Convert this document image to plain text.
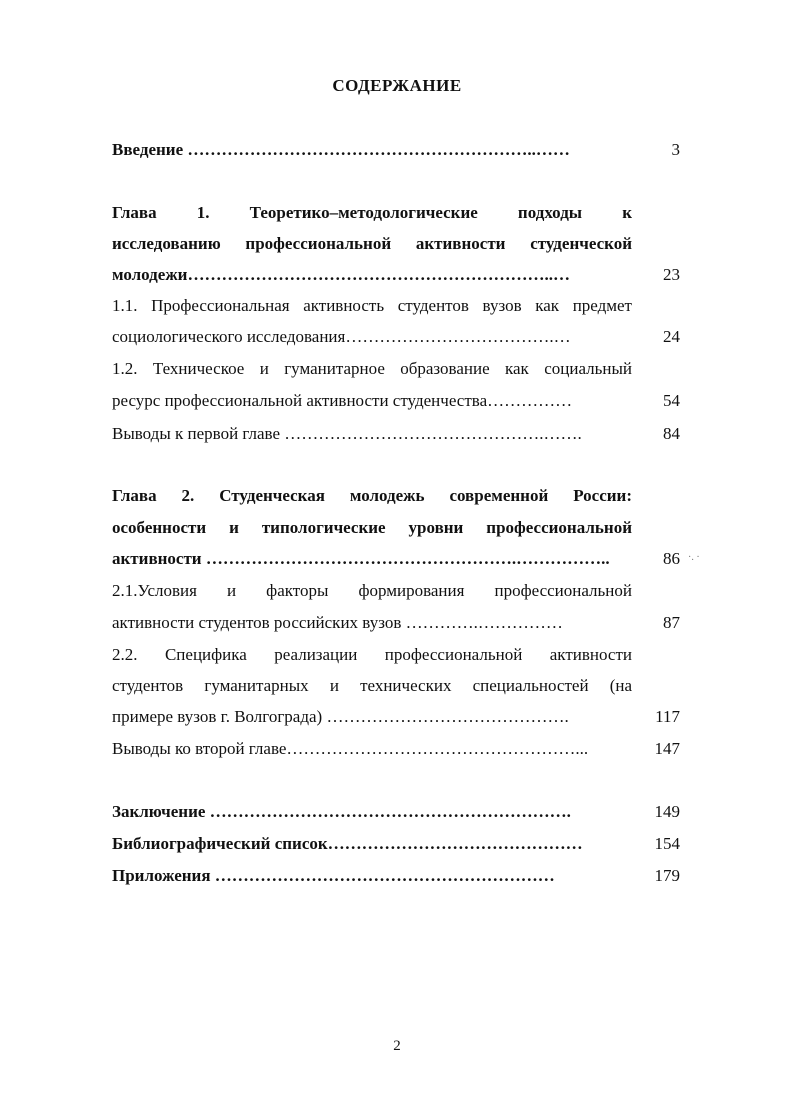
СОДЕРЖАНИЕ
Введение ……………………………………………………..……	3
Глава 1. Теоретико–методологические подходы к
исследованию профессиональной активности студенческой
молодежи………………………………………………………..…	23
1.1. Профессиональная активность студентов вузов как предмет
социологического исследования……………………………….…	24
1.2. Техническое и гуманитарное образование как социальный
ресурс профессиональной активности студенчества……………	54
Выводы к первой главе ……………………………………….…….	84
Глава 2. Студенческая молодежь современной России:
особенности и типологические уровни профессиональной
активности ……………………………………………….……………..	86 ·. ·
2.1.Условия и факторы формирования профессиональной
активности студентов российских вузов ………….……………	87
2.2. Специфика реализации профессиональной активности
студентов гуманитарных и технических специальностей (на
примере вузов г. Волгограда) …………………………………….	117
Выводы ко второй главе……………………………………………...	147
Заключение ……………………………………………………….	149
Библиографический список………………………………………	154
Приложения ……………………………………………………	179
2
